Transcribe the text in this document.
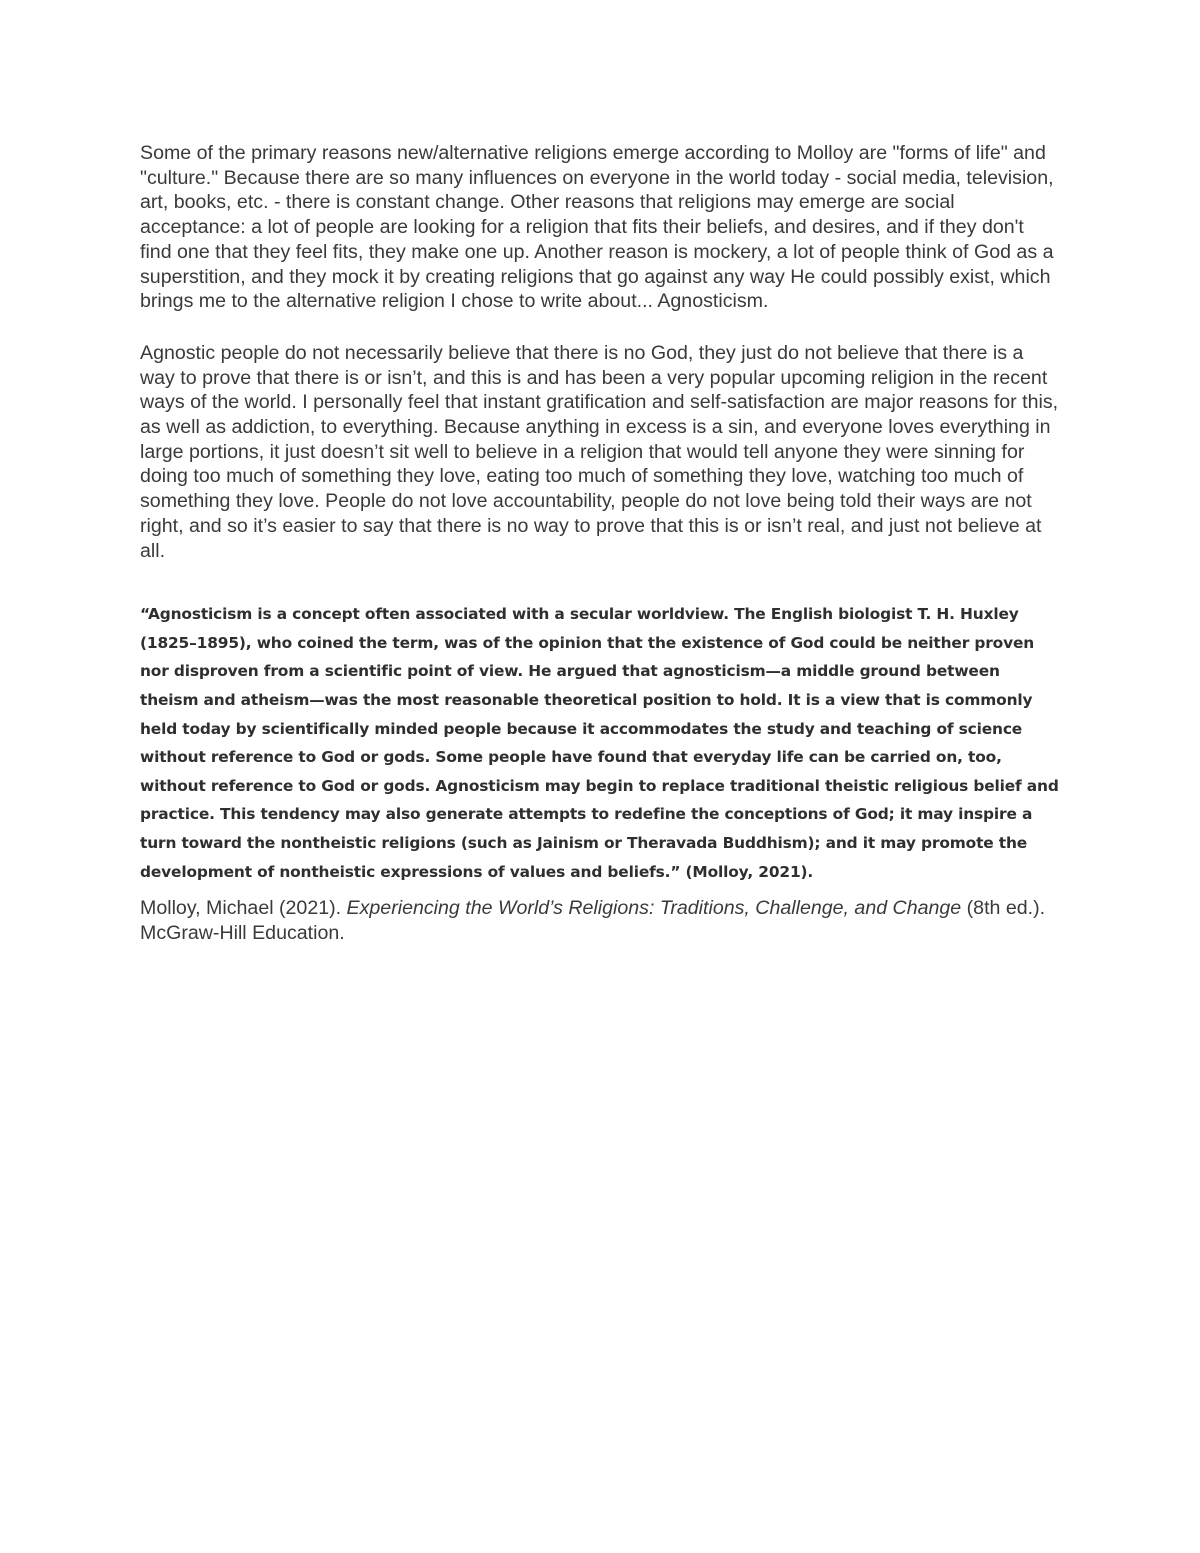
Some of the primary reasons new/alternative religions emerge according to Molloy are "forms of life" and "culture." Because there are so many influences on everyone in the world today - social media, television, art, books, etc. - there is constant change. Other reasons that religions may emerge are social acceptance: a lot of people are looking for a religion that fits their beliefs, and desires, and if they don't find one that they feel fits, they make one up. Another reason is mockery, a lot of people think of God as a superstition, and they mock it by creating religions that go against any way He could possibly exist, which brings me to the alternative religion I chose to write about... Agnosticism.

Agnostic people do not necessarily believe that there is no God, they just do not believe that there is a way to prove that there is or isn’t, and this is and has been a very popular upcoming religion in the recent ways of the world. I personally feel that instant gratification and self-satisfaction are major reasons for this, as well as addiction, to everything. Because anything in excess is a sin, and everyone loves everything in large portions, it just doesn’t sit well to believe in a religion that would tell anyone they were sinning for doing too much of something they love, eating too much of something they love, watching too much of something they love. People do not love accountability, people do not love being told their ways are not right, and so it’s easier to say that there is no way to prove that this is or isn’t real, and just not believe at all.

“Agnosticism is a concept often associated with a secular worldview. The English biologist T. H. Huxley (1825–1895), who coined the term, was of the opinion that the existence of God could be neither proven nor disproven from a scientific point of view. He argued that agnosticism—a middle ground between theism and atheism—was the most reasonable theoretical position to hold. It is a view that is commonly held today by scientifically minded people because it accommodates the study and teaching of science without reference to God or gods. Some people have found that everyday life can be carried on, too, without reference to God or gods. Agnosticism may begin to replace traditional theistic religious belief and practice. This tendency may also generate attempts to redefine the conceptions of God; it may inspire a turn toward the nontheistic religions (such as Jainism or Theravada Buddhism); and it may promote the development of nontheistic expressions of values and beliefs.” (Molloy, 2021).

Molloy, Michael (2021). Experiencing the World’s Religions: Traditions, Challenge, and Change (8th ed.). McGraw-Hill Education.
